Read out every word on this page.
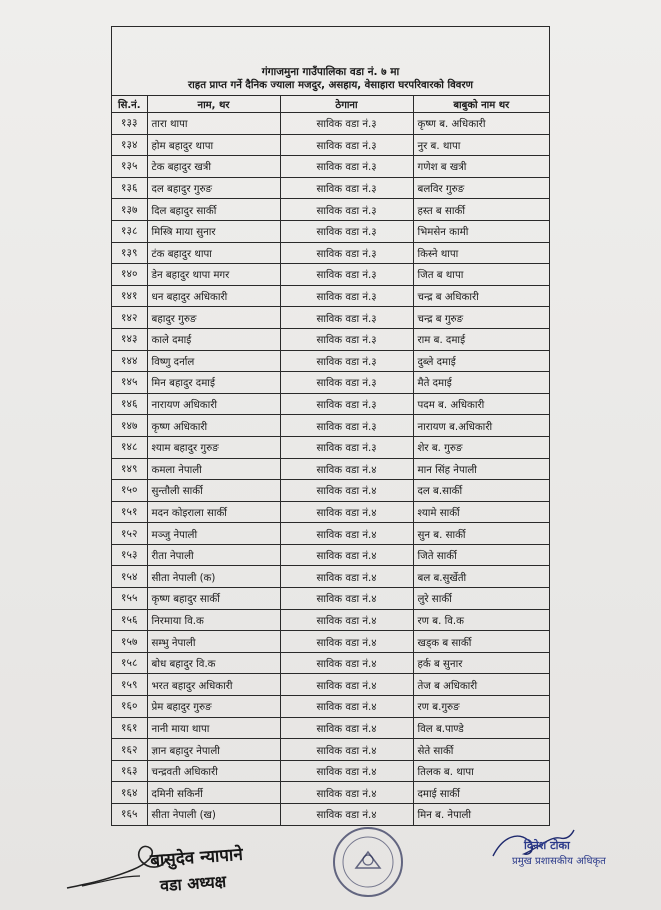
गंगाजमुना गाउँपालिका वडा नं. ७ मा
राहत प्राप्त गर्ने दैनिक ज्याला मजदुर, असहाय, वेसाहारा घरपरिवारको विवरण
सि.नं.	नाम, थर	ठेगाना	बाबुको नाम थर
१३३	तारा थापा	साविक वडा नं.३	कृष्ण ब. अधिकारी
१३४	होम बहादुर थापा	साविक वडा नं.३	नुर ब. थापा
१३५	टेक बहादुर खत्री	साविक वडा नं.३	गणेश ब खत्री
१३६	दल बहादुर गुरुङ	साविक वडा नं.३	बलविर गुरुङ
१३७	दिल बहादुर सार्की	साविक वडा नं.३	हस्त ब सार्की
१३८	मिस्त्रि माया सुनार	साविक वडा नं.३	भिमसेन कामी
१३९	टंक बहादुर थापा	साविक वडा नं.३	किस्ने थापा
१४०	डेन बहादुर थापा मगर	साविक वडा नं.३	जित ब थापा
१४१	धन बहादुर अधिकारी	साविक वडा नं.३	चन्द्र ब अधिकारी
१४२	बहादुर गुरुङ	साविक वडा नं.३	चन्द्र ब गुरुङ
१४३	काले दमाई	साविक वडा नं.३	राम ब. दमाई
१४४	विष्णु दर्नाल	साविक वडा नं.३	दुब्ले दमाई
१४५	मिन बहादुर दमाई	साविक वडा नं.३	मैते दमाई
१४६	नारायण अधिकारी	साविक वडा नं.३	पदम ब. अधिकारी
१४७	कृष्ण अधिकारी	साविक वडा नं.३	नारायण ब.अधिकारी
१४८	श्याम बहादुर गुरुङ	साविक वडा नं.३	शेर ब. गुरुङ
१४९	कमला नेपाली	साविक वडा नं.४	मान सिंह नेपाली
१५०	सुन्तौली सार्की	साविक वडा नं.४	दल ब.सार्की
१५१	मदन कोइराला सार्की	साविक वडा नं.४	श्यामे सार्की
१५२	मञ्जु नेपाली	साविक वडा नं.४	सुन ब. सार्की
१५३	रीता नेपाली	साविक वडा नं.४	जिते सार्की
१५४	सीता नेपाली (क)	साविक वडा नं.४	बल ब.सुर्खेती
१५५	कृष्ण बहादुर सार्की	साविक वडा नं.४	लुरे सार्की
१५६	निरमाया वि.क	साविक वडा नं.४	रण ब. वि.क
१५७	सम्भु नेपाली	साविक वडा नं.४	खड्क ब सार्की
१५८	बोध बहादुर वि.क	साविक वडा नं.४	हर्क ब सुनार
१५९	भरत बहादुर अधिकारी	साविक वडा नं.४	तेज ब अधिकारी
१६०	प्रेम बहादुर गुरुङ	साविक वडा नं.४	रण ब.गुरुङ
१६१	नानी माया थापा	साविक वडा नं.४	विल ब.पाण्डे
१६२	ज्ञान बहादुर नेपाली	साविक वडा नं.४	सेते सार्की
१६३	चन्द्रवती अधिकारी	साविक वडा नं.४	तिलक ब. थापा
१६४	दमिनी सकिर्नी	साविक वडा नं.४	दमाई सार्की
१६५	सीता नेपाली (ख)	साविक वडा नं.४	मिन ब. नेपाली
बासुदेव न्यापाने
वडा अध्यक्ष
दिनेश टोका
प्रमुख प्रशासकीय अधिकृत
